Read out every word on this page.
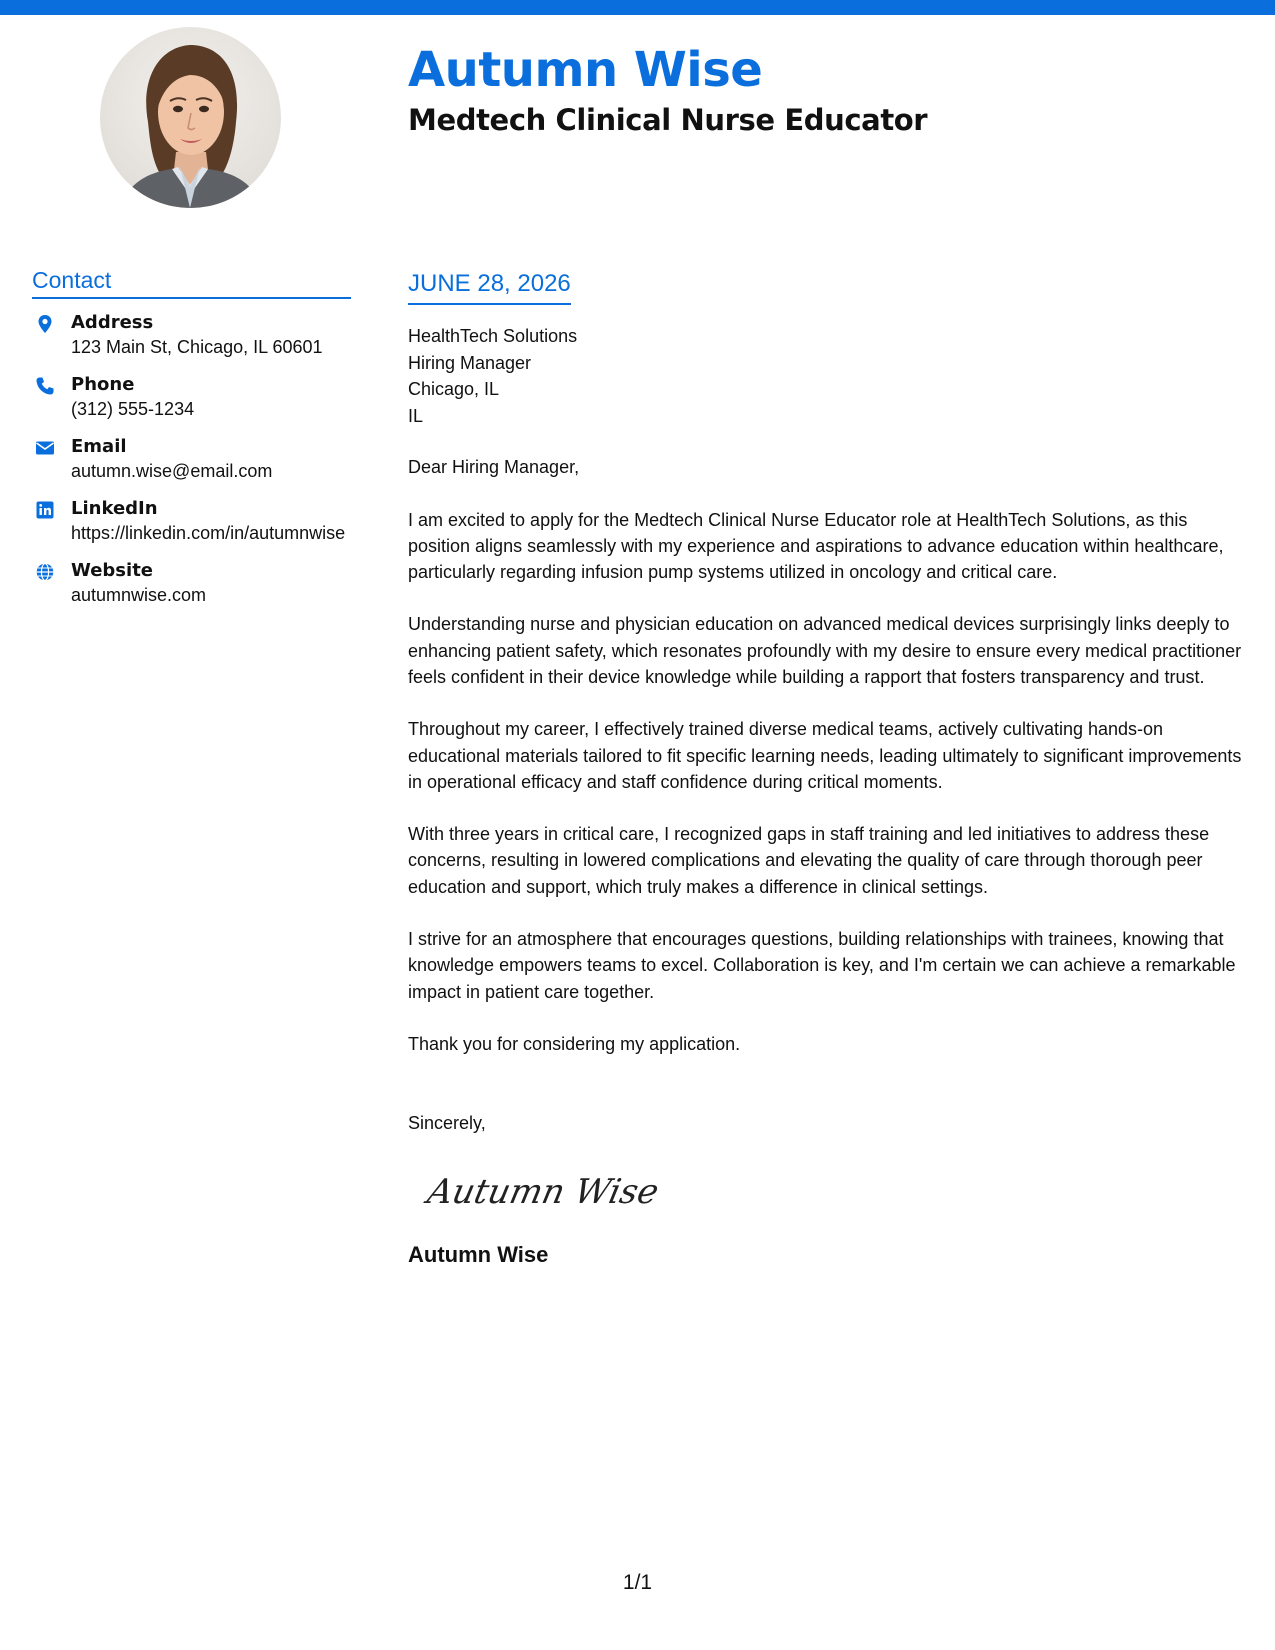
Autumn Wise
Medtech Clinical Nurse Educator
Contact
Address
123 Main St, Chicago, IL 60601
Phone
(312) 555-1234
Email
autumn.wise@email.com
LinkedIn
https://linkedin.com/in/autumnwise
Website
autumnwise.com
JUNE 28, 2026
HealthTech Solutions
Hiring Manager
Chicago, IL
IL
Dear Hiring Manager,
I am excited to apply for the Medtech Clinical Nurse Educator role at HealthTech Solutions, as this position aligns seamlessly with my experience and aspirations to advance education within healthcare, particularly regarding infusion pump systems utilized in oncology and critical care.
Understanding nurse and physician education on advanced medical devices surprisingly links deeply to enhancing patient safety, which resonates profoundly with my desire to ensure every medical practitioner feels confident in their device knowledge while building a rapport that fosters transparency and trust.
Throughout my career, I effectively trained diverse medical teams, actively cultivating hands-on educational materials tailored to fit specific learning needs, leading ultimately to significant improvements in operational efficacy and staff confidence during critical moments.
With three years in critical care, I recognized gaps in staff training and led initiatives to address these concerns, resulting in lowered complications and elevating the quality of care through thorough peer education and support, which truly makes a difference in clinical settings.
I strive for an atmosphere that encourages questions, building relationships with trainees, knowing that knowledge empowers teams to excel. Collaboration is key, and I'm certain we can achieve a remarkable impact in patient care together.
Thank you for considering my application.
Sincerely,
Autumn Wise
Autumn Wise
1/1
